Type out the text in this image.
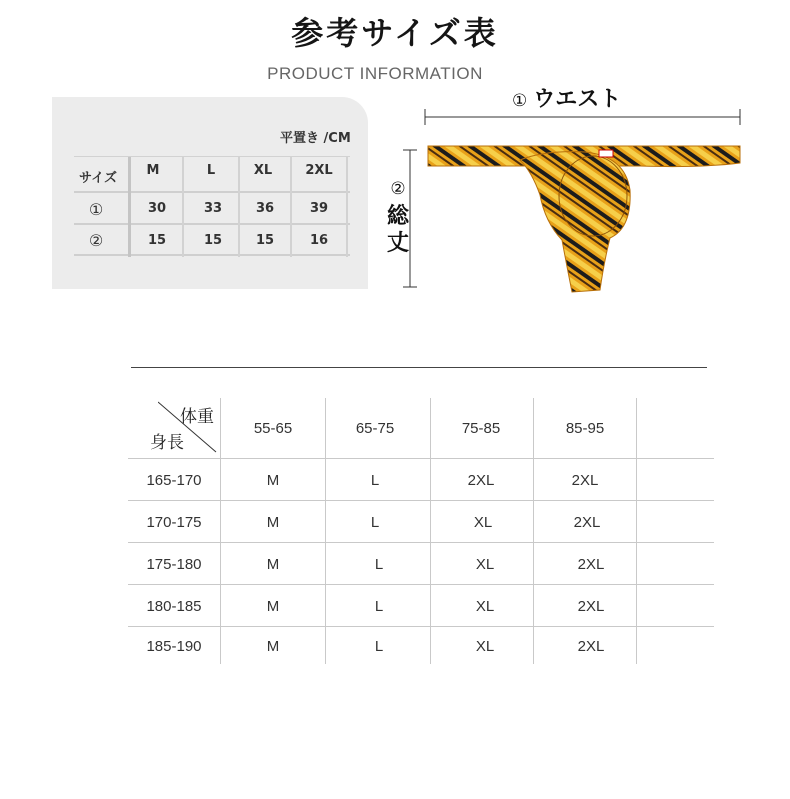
参考サイズ表
PRODUCT INFORMATION
平置き /CM
サイズ
M	L	XL	2XL
①	30	33	36	39
②	15	15	15	16
① ウエスト
②
総
丈
体重
身長
55-65	65-75	75-85	85-95
165-170	M	L	2XL	2XL
170-175	M	L	XL	2XL
175-180	M	L	XL	2XL
180-185	M	L	XL	2XL
185-190	M	L	XL	2XL
